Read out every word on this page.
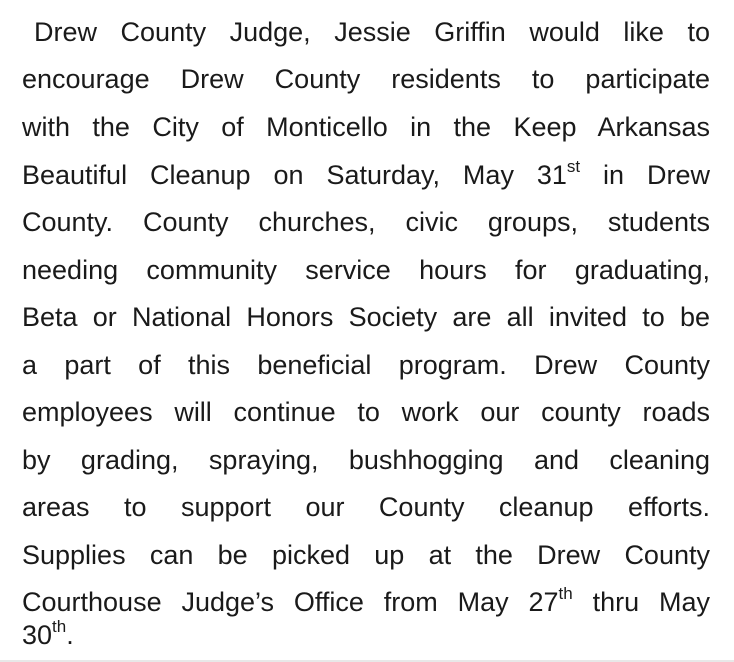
Drew County Judge, Jessie Griffin would like to
encourage Drew County residents to participate
with the City of Monticello in the Keep Arkansas
Beautiful Cleanup on Saturday, May 31st in Drew
County. County churches, civic groups, students
needing community service hours for graduating,
Beta or National Honors Society are all invited to be
a part of this beneficial program. Drew County
employees will continue to work our county roads
by grading, spraying, bushhogging and cleaning
areas to support our County cleanup efforts.
Supplies can be picked up at the Drew County
Courthouse Judge’s Office from May 27th thru May
30th.
